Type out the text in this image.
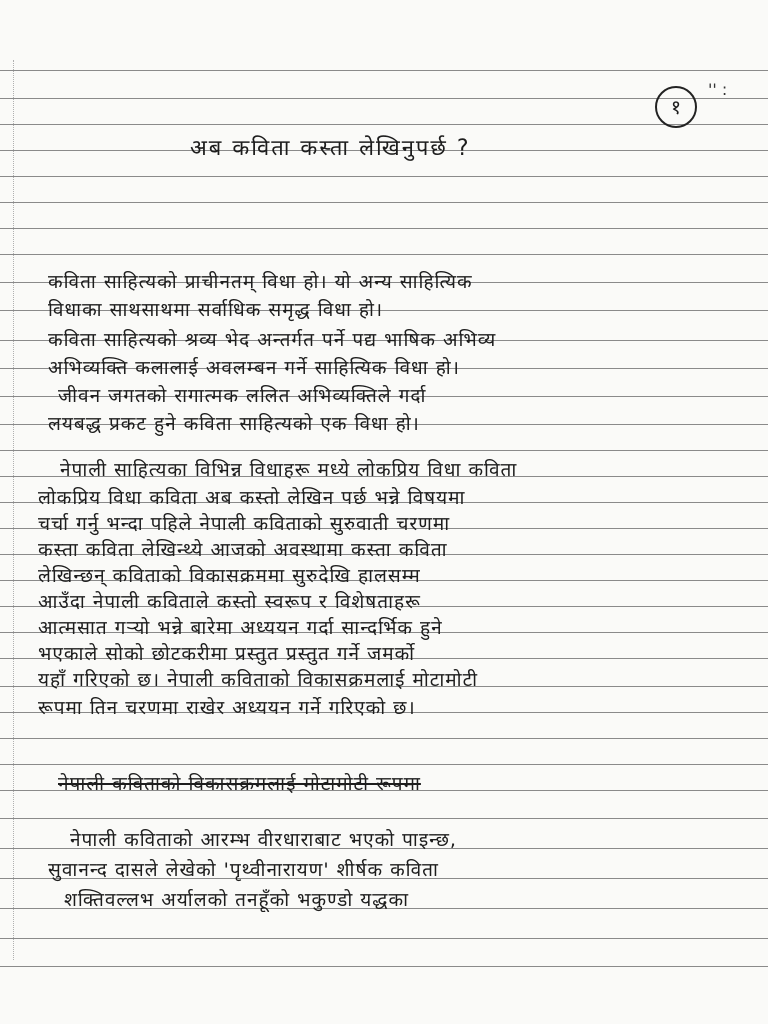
१
'' :
अब कविता कस्ता लेखिनुपर्छ ?
कविता साहित्यको प्राचीनतम् विधा हो। यो अन्य साहित्यिक
विधाका साथसाथमा सर्वाधिक समृद्ध विधा हो।
कविता साहित्यको श्रव्य भेद अन्तर्गत पर्ने पद्य भाषिक अभिव्य
अभिव्यक्ति कलालाई अवलम्बन गर्ने साहित्यिक विधा हो।
जीवन जगतको रागात्मक ललित अभिव्यक्तिले गर्दा
लयबद्ध प्रकट हुने कविता साहित्यको एक विधा हो।
नेपाली साहित्यका विभिन्न विधाहरू मध्ये लोकप्रिय विधा कविता
लोकप्रिय विधा कविता अब कस्तो लेखिन पर्छ भन्ने विषयमा
चर्चा गर्नु भन्दा पहिले नेपाली कविताको सुरुवाती चरणमा
कस्ता कविता लेखिन्थ्ये आजको अवस्थामा कस्ता कविता
लेखिन्छन् कविताको विकासक्रममा सुरुदेखि हालसम्म
आउँदा नेपाली कविताले कस्तो स्वरूप र विशेषताहरू
आत्मसात गऱ्यो भन्ने बारेमा अध्ययन गर्दा सान्दर्भिक हुने
भएकाले सोको छोटकरीमा प्रस्तुत प्रस्तुत गर्ने जमर्को
यहाँ गरिएको छ। नेपाली कविताको विकासक्रमलाई मोटामोटी
रूपमा तिन चरणमा राखेर अध्ययन गर्ने गरिएको छ।
नेपाली कविताको विकासक्रमलाई मोटामोटी रूपमा
नेपाली कविताको आरम्भ वीरधाराबाट भएको पाइन्छ,
सुवानन्द दासले लेखेको 'पृथ्वीनारायण' शीर्षक कविता
शक्तिवल्लभ अर्यालको तनहूँको भकुण्डो यद्धका
